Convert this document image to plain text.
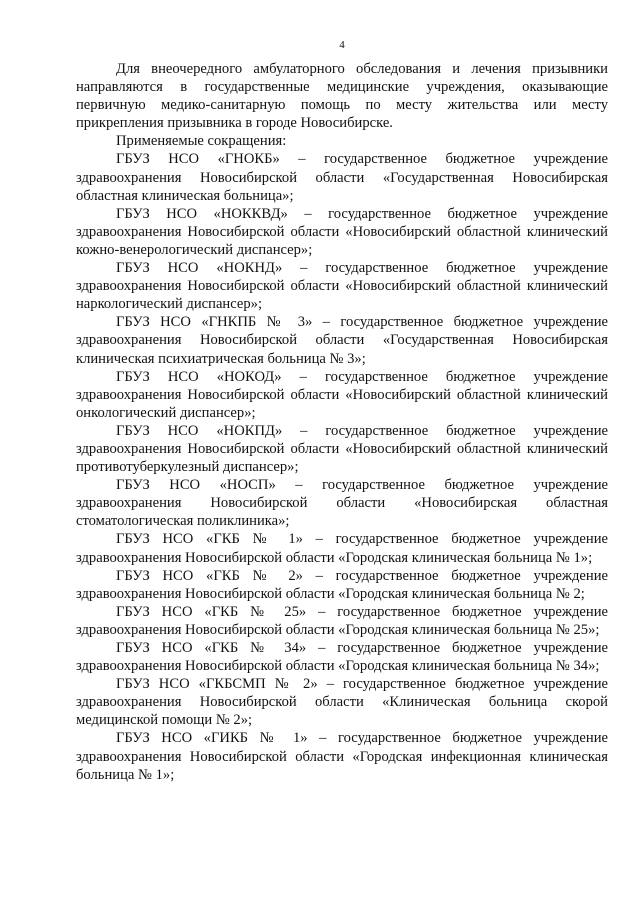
4

Для внеочередного амбулаторного обследования и лечения призывники направляются в государственные медицинские учреждения, оказывающие первичную медико-санитарную помощь по месту жительства или месту прикрепления призывника в городе Новосибирске.

Применяемые сокращения:

ГБУЗ НСО «ГНОКБ» – государственное бюджетное учреждение здравоохранения Новосибирской области «Государственная Новосибирская областная клиническая больница»;

ГБУЗ НСО «НОККВД» – государственное бюджетное учреждение здравоохранения Новосибирской области «Новосибирский областной клинический кожно-венерологический диспансер»;

ГБУЗ НСО «НОКНД» – государственное бюджетное учреждение здравоохранения Новосибирской области «Новосибирский областной клинический наркологический диспансер»;

ГБУЗ НСО «ГНКПБ № 3» – государственное бюджетное учреждение здравоохранения Новосибирской области «Государственная Новосибирская клиническая психиатрическая больница № 3»;

ГБУЗ НСО «НОКОД» – государственное бюджетное учреждение здравоохранения Новосибирской области «Новосибирский областной клинический онкологический диспансер»;

ГБУЗ НСО «НОКПД» – государственное бюджетное учреждение здравоохранения Новосибирской области «Новосибирский областной клинический противотуберкулезный диспансер»;

ГБУЗ НСО «НОСП» – государственное бюджетное учреждение здравоохранения Новосибирской области «Новосибирская областная стоматологическая поликлиника»;

ГБУЗ НСО «ГКБ № 1» – государственное бюджетное учреждение здравоохранения Новосибирской области «Городская клиническая больница № 1»;

ГБУЗ НСО «ГКБ № 2» – государственное бюджетное учреждение здравоохранения Новосибирской области «Городская клиническая больница № 2;

ГБУЗ НСО «ГКБ № 25» – государственное бюджетное учреждение здравоохранения Новосибирской области «Городская клиническая больница № 25»;

ГБУЗ НСО «ГКБ № 34» – государственное бюджетное учреждение здравоохранения Новосибирской области «Городская клиническая больница № 34»;

ГБУЗ НСО «ГКБСМП № 2» – государственное бюджетное учреждение здравоохранения Новосибирской области «Клиническая больница скорой медицинской помощи № 2»;

ГБУЗ НСО «ГИКБ № 1» – государственное бюджетное учреждение здравоохранения Новосибирской области «Городская инфекционная клиническая больница № 1»;
